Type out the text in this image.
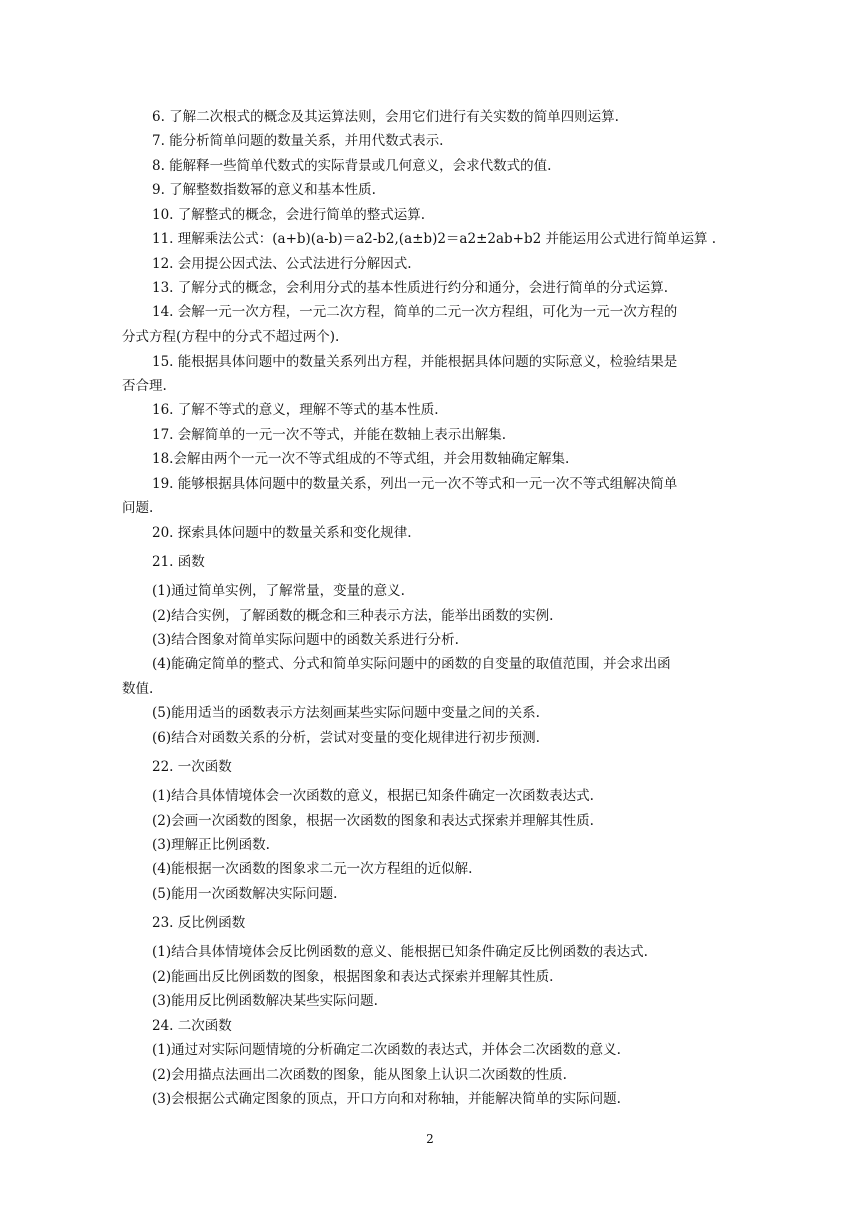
6. 了解二次根式的概念及其运算法则，会用它们进行有关实数的简单四则运算.
7. 能分析简单问题的数量关系，并用代数式表示.
8. 能解释一些简单代数式的实际背景或几何意义，会求代数式的值.
9. 了解整数指数幂的意义和基本性质.
10. 了解整式的概念，会进行简单的整式运算.
11. 理解乘法公式：(a+b)(a-b)＝a2-b2,(a±b)2＝a2±2ab+b2 并能运用公式进行简单运算 .
12. 会用提公因式法、公式法进行分解因式.
13. 了解分式的概念，会利用分式的基本性质进行约分和通分，会进行简单的分式运算.
14. 会解一元一次方程，一元二次方程，简单的二元一次方程组，可化为一元一次方程的
分式方程(方程中的分式不超过两个).
15. 能根据具体问题中的数量关系列出方程，并能根据具体问题的实际意义，检验结果是
否合理.
16. 了解不等式的意义，理解不等式的基本性质.
17. 会解简单的一元一次不等式，并能在数轴上表示出解集.
18.会解由两个一元一次不等式组成的不等式组，并会用数轴确定解集.
19. 能够根据具体问题中的数量关系，列出一元一次不等式和一元一次不等式组解决简单
问题.
20. 探索具体问题中的数量关系和变化规律.
21. 函数
(1)通过简单实例，了解常量，变量的意义.
(2)结合实例，了解函数的概念和三种表示方法，能举出函数的实例.
(3)结合图象对简单实际问题中的函数关系进行分析.
(4)能确定简单的整式、分式和简单实际问题中的函数的自变量的取值范围，并会求出函
数值.
(5)能用适当的函数表示方法刻画某些实际问题中变量之间的关系.
(6)结合对函数关系的分析，尝试对变量的变化规律进行初步预测.
22. 一次函数
(1)结合具体情境体会一次函数的意义，根据已知条件确定一次函数表达式.
(2)会画一次函数的图象，根据一次函数的图象和表达式探索并理解其性质.
(3)理解正比例函数.
(4)能根据一次函数的图象求二元一次方程组的近似解.
(5)能用一次函数解决实际问题.
23. 反比例函数
(1)结合具体情境体会反比例函数的意义、能根据已知条件确定反比例函数的表达式.
(2)能画出反比例函数的图象，根据图象和表达式探索并理解其性质.
(3)能用反比例函数解决某些实际问题.
24. 二次函数
(1)通过对实际问题情境的分析确定二次函数的表达式，并体会二次函数的意义.
(2)会用描点法画出二次函数的图象，能从图象上认识二次函数的性质.
(3)会根据公式确定图象的顶点，开口方向和对称轴，并能解决简单的实际问题.
2
